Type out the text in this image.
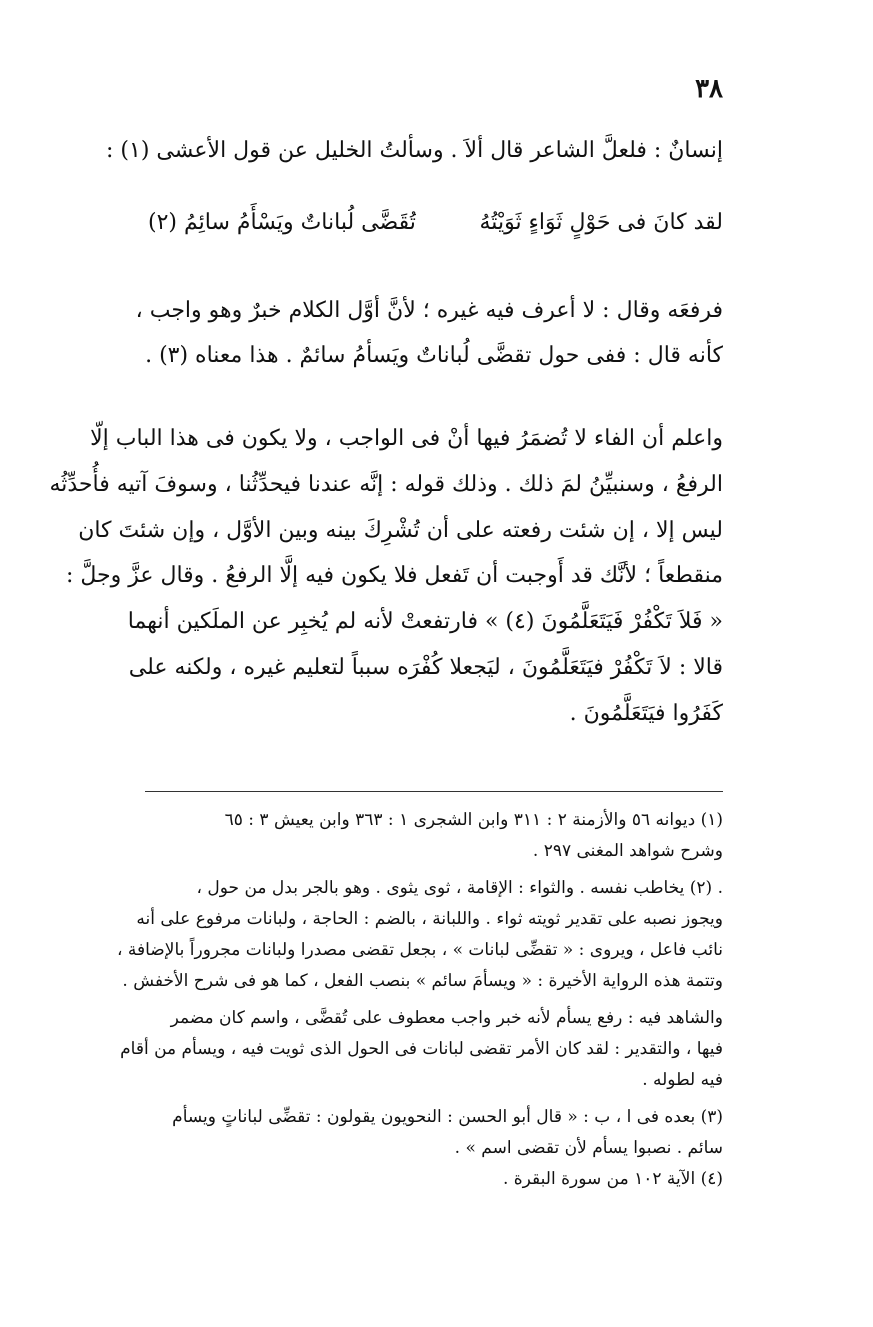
٣٨
إنسانٌ : فلعلَّ الشاعر قال ألاَ . وسألتُ الخليل عن قول الأعشى (١) :
لقد كانَ فى حَوْلٍ ثَوَاءٍ ثَوَيْتُهُ
تُقَضَّى لُباناتٌ ويَسْأَمُ سائِمُ (٢)
فرفعَه وقال : لا أعرف فيه غيره ؛ لأنَّ أوَّل الكلام خبرٌ وهو واجب ،
كأنه قال : ففى حول تقضَّى لُباناتٌ ويَسأمُ سائمٌ . هذا معناه (٣) .
واعلم أن الفاء لا تُضمَرُ فيها أنْ فى الواجب ، ولا يكون فى هذا الباب إلّا
الرفعُ ، وسنبيِّنُ لمَ ذلك . وذلك قوله : إنَّه عندنا فيحدِّثُنا ، وسوفَ آتيه فأُحدِّثُه
ليس إلا ، إن شئت رفعته على أن تُشْرِكَ بينه وبين الأوَّل ، وإن شئتَ كان
منقطعاً ؛ لأنَّك قد أَوجبت أن تَفعل فلا يكون فيه إلَّا الرفعُ . وقال عزَّ وجلَّ :
« فَلاَ تَكْفُرْ فَيَتَعَلَّمُونَ (٤) » فارتفعتْ لأنه لم يُخبِر عن الملَكين أنهما
قالا : لاَ تَكْفُرْ فيَتَعَلَّمُونَ ، ليَجعلا كُفْرَه سبباً لتعليم غيره ، ولكنه على
كَفَرُوا فيَتَعَلَّمُونَ .
(١) ديوانه ٥٦ والأزمنة ٢ : ٣١١ وابن الشجرى ١ : ٣٦٣ وابن يعيش ٣ : ٦٥
وشرح شواهد المغنى ٢٩٧ .
. (٢) يخاطب نفسه . والثواء : الإقامة ، ثوى يثوى . وهو بالجر بدل من حول ،
ويجوز نصبه على تقدير ثويته ثواء . واللبانة ، بالضم : الحاجة ، ولبانات مرفوع على أنه
نائب فاعل ، ويروى : « تقضِّى لبانات » ، بجعل تقضى مصدرا ولبانات مجروراً بالإضافة ،
وتتمة هذه الرواية الأخيرة : « ويسأمَ سائم » بنصب الفعل ، كما هو فى شرح الأخفش .
والشاهد فيه : رفع يسأم لأنه خبر واجب معطوف على تُقضَّى ، واسم كان مضمر
فيها ، والتقدير : لقد كان الأمر تقضى لبانات فى الحول الذى ثويت فيه ، ويسأم من أقام
فيه لطوله .
(٣) بعده فى ا ، ب : « قال أبو الحسن : النحويون يقولون : تقضِّى لباناتٍ ويسأم
سائم . نصبوا يسأم لأن تقضى اسم » .
(٤) الآية ١٠٢ من سورة البقرة .
